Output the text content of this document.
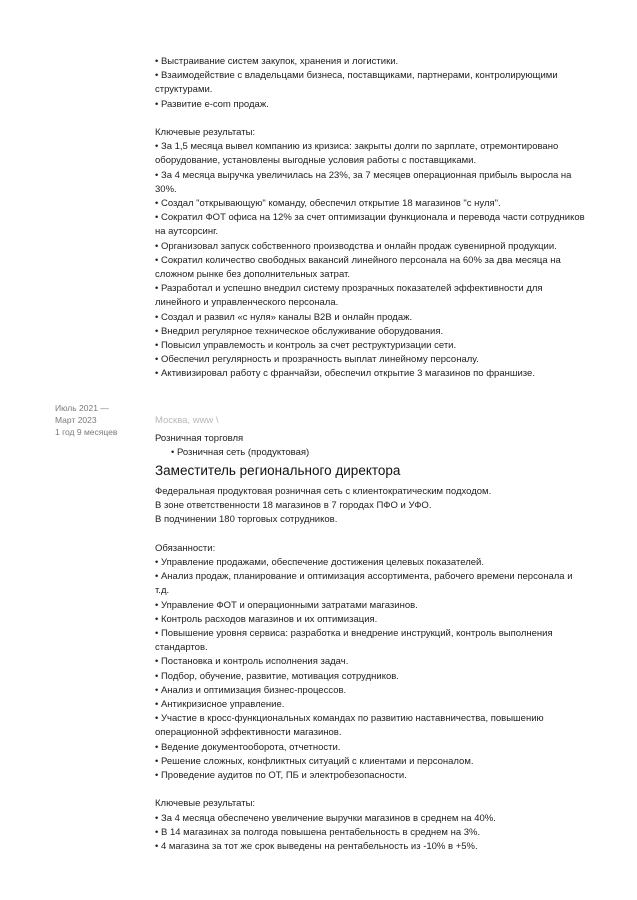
• Выстраивание систем закупок, хранения и логистики.
• Взаимодействие с владельцами бизнеса, поставщиками, партнерами, контролирующими структурами.
• Развитие e-com продаж.

Ключевые результаты:
• За 1,5 месяца вывел компанию из кризиса: закрыты долги по зарплате, отремонтировано оборудование, установлены выгодные условия работы с поставщиками.
• За 4 месяца выручка увеличилась на 23%, за 7 месяцев операционная прибыль выросла на 30%.
• Создал "открывающую" команду, обеспечил открытие 18 магазинов "с нуля".
• Сократил ФОТ офиса на 12% за счет оптимизации функционала и перевода части сотрудников на аутсорсинг.
• Организовал запуск собственного производства и онлайн продаж сувенирной продукции.
• Сократил количество свободных вакансий линейного персонала на 60% за два месяца на сложном рынке без дополнительных затрат.
• Разработал и успешно внедрил систему прозрачных показателей эффективности для линейного и управленческого персонала.
• Создал и развил «с нуля» каналы B2B и онлайн продаж.
• Внедрил регулярное техническое обслуживание оборудования.
• Повысил управлемость и контроль за счет реструктуризации сети.
• Обеспечил регулярность и прозрачность выплат линейному персоналу.
• Активизировал работу с франчайзи, обеспечил открытие 3 магазинов по франшизе.
Июль 2021 —
Март 2023
1 год 9 месяцев
Москва, www \
Розничная торговля
• Розничная сеть (продуктовая)
Заместитель регионального директора
Федеральная продуктовая розничная сеть с клиентократическим подходом.
В зоне ответственности 18 магазинов в 7 городах ПФО и УФО.
В подчинении 180 торговых сотрудников.

Обязанности:
• Управление продажами, обеспечение достижения целевых показателей.
• Анализ продаж, планирование и оптимизация ассортимента, рабочего времени персонала и т.д.
• Управление ФОТ и операционными затратами магазинов.
• Контроль расходов магазинов и их оптимизация.
• Повышение уровня сервиса: разработка и внедрение инструкций, контроль выполнения стандартов.
• Постановка и контроль исполнения задач.
• Подбор, обучение, развитие, мотивация сотрудников.
• Анализ и оптимизация бизнес-процессов.
• Антикризисное управление.
• Участие в кросс-функциональных командах по развитию наставничества, повышению операционной эффективности магазинов.
• Ведение документооборота, отчетности.
• Решение сложных, конфликтных ситуаций с клиентами и персоналом.
• Проведение аудитов по ОТ, ПБ и электробезопасности.

Ключевые результаты:
• За 4 месяца обеспечено увеличение выручки магазинов в среднем на 40%.
• В 14 магазинах за полгода повышена рентабельность в среднем на 3%.
• 4 магазина за тот же срок выведены на рентабельность из -10% в +5%.
